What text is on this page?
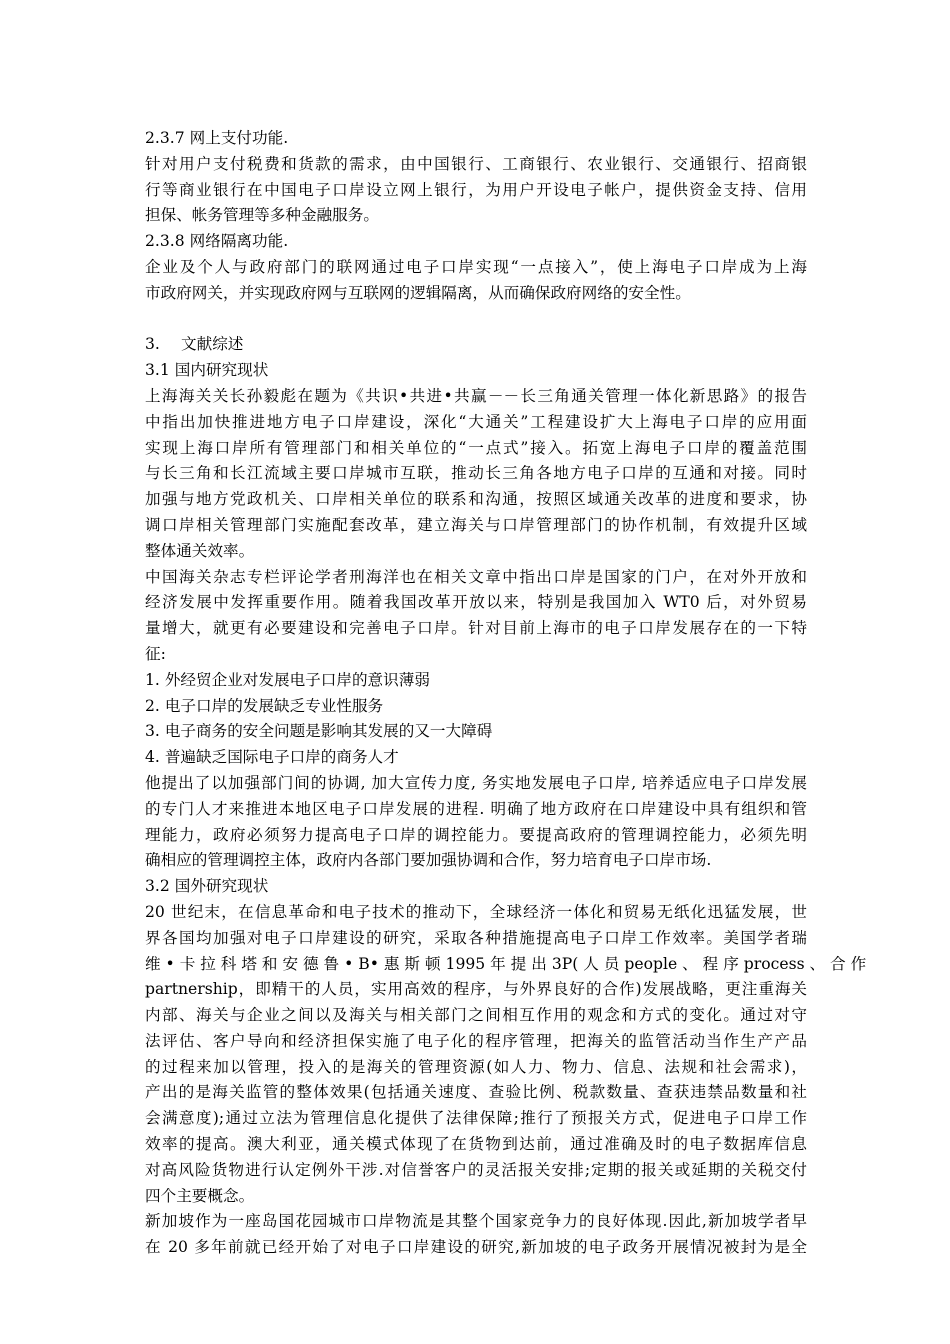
2.3.7 网上支付功能.
针对用户支付税费和货款的需求，由中国银行、工商银行、农业银行、交通银行、招商银
行等商业银行在中国电子口岸设立网上银行，为用户开设电子帐户，提供资金支持、信用
担保、帐务管理等多种金融服务。
2.3.8 网络隔离功能.
企业及个人与政府部门的联网通过电子口岸实现“一点接入”，使上海电子口岸成为上海
市政府网关，并实现政府网与互联网的逻辑隔离，从而确保政府网络的安全性。
3. 文献综述
3.1 国内研究现状
上海海关关长孙毅彪在题为《共识•共进•共赢－－长三角通关管理一体化新思路》的报告
中指出加快推进地方电子口岸建设，深化“大通关”工程建设扩大上海电子口岸的应用面
实现上海口岸所有管理部门和相关单位的“一点式”接入。拓宽上海电子口岸的覆盖范围
与长三角和长江流域主要口岸城市互联，推动长三角各地方电子口岸的互通和对接。同时
加强与地方党政机关、口岸相关单位的联系和沟通，按照区域通关改革的进度和要求，协
调口岸相关管理部门实施配套改革，建立海关与口岸管理部门的协作机制，有效提升区域
整体通关效率。
中国海关杂志专栏评论学者刑海洋也在相关文章中指出口岸是国家的门户，在对外开放和
经济发展中发挥重要作用。随着我国改革开放以来，特别是我国加入 WT0 后，对外贸易
量增大，就更有必要建设和完善电子口岸。针对目前上海市的电子口岸发展存在的一下特
征:
1. 外经贸企业对发展电子口岸的意识薄弱
2. 电子口岸的发展缺乏专业性服务
3. 电子商务的安全问题是影响其发展的又一大障碍
4. 普遍缺乏国际电子口岸的商务人才
他提出了以加强部门间的协调, 加大宣传力度, 务实地发展电子口岸, 培养适应电子口岸发展
的专门人才来推进本地区电子口岸发展的进程. 明确了地方政府在口岸建设中具有组织和管
理能力，政府必须努力提高电子口岸的调控能力。要提高政府的管理调控能力，必须先明
确相应的管理调控主体，政府内各部门要加强协调和合作，努力培育电子口岸市场.
3.2 国外研究现状
20 世纪末，在信息革命和电子技术的推动下，全球经济一体化和贸易无纸化迅猛发展，世
界各国均加强对电子口岸建设的研究，采取各种措施提高电子口岸工作效率。美国学者瑞
维 • 卡 拉 科 塔 和 安 德 鲁 • B• 惠 斯 顿 1995 年 提 出 3P( 人 员 people 、 程 序 process 、 合 作
partnership，即精干的人员，实用高效的程序，与外界良好的合作)发展战略，更注重海关
内部、海关与企业之间以及海关与相关部门之间相互作用的观念和方式的变化。通过对守
法评估、客户导向和经济担保实施了电子化的程序管理，把海关的监管活动当作生产产品
的过程来加以管理，投入的是海关的管理资源(如人力、物力、信息、法规和社会需求)，
产出的是海关监管的整体效果(包括通关速度、查验比例、税款数量、查获违禁品数量和社
会满意度);通过立法为管理信息化提供了法律保障;推行了预报关方式，促进电子口岸工作
效率的提高。澳大利亚，通关模式体现了在货物到达前，通过准确及时的电子数据库信息
对高风险货物进行认定例外干涉.对信誉客户的灵活报关安排;定期的报关或延期的关税交付
四个主要概念。
新加坡作为一座岛国花园城市口岸物流是其整个国家竞争力的良好体现.因此,新加坡学者早
在 20 多年前就已经开始了对电子口岸建设的研究,新加坡的电子政务开展情况被封为是全
